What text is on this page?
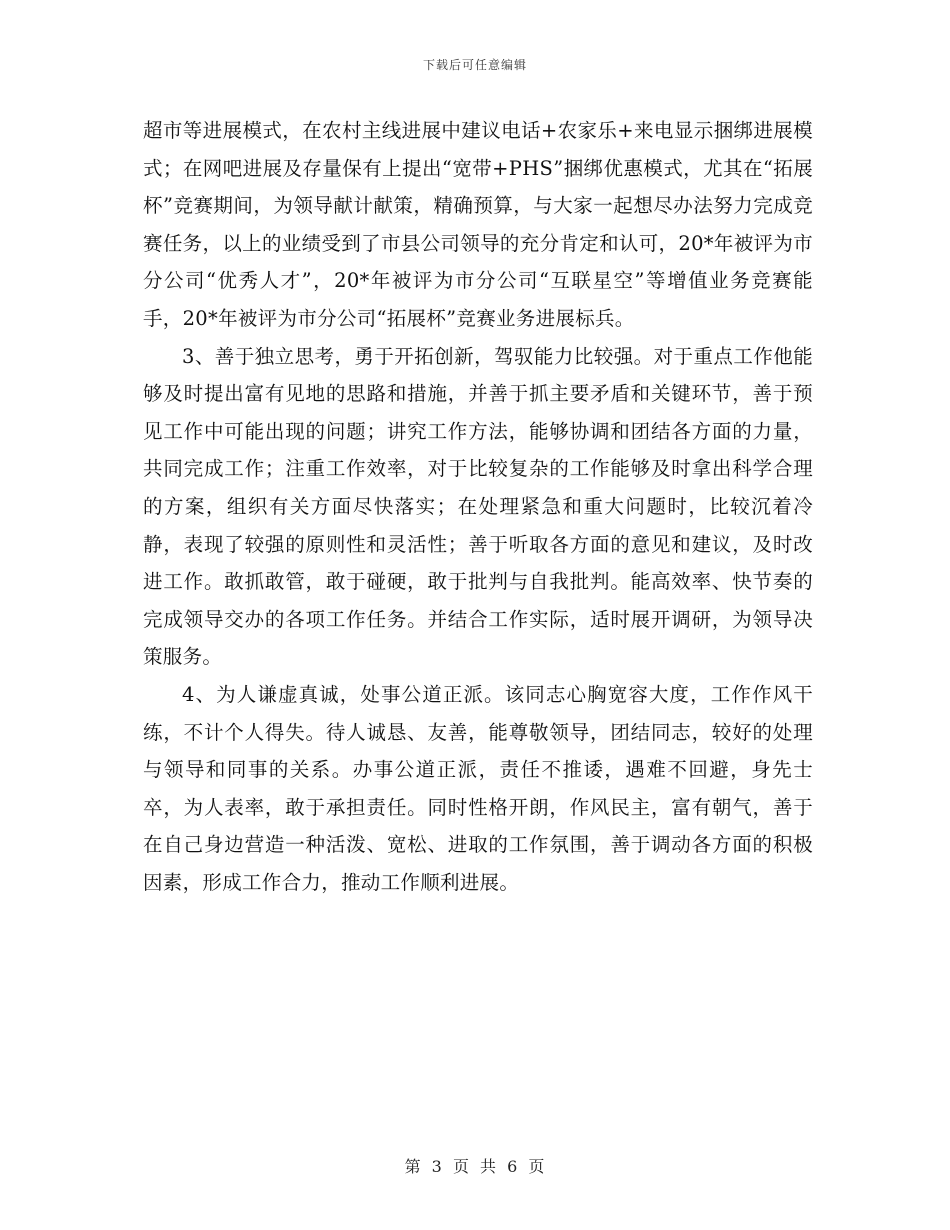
下载后可任意编辑

超市等进展模式，在农村主线进展中建议电话+农家乐+来电显示捆绑进展模式；在网吧进展及存量保有上提出“宽带+PHS”捆绑优惠模式，尤其在“拓展杯”竞赛期间，为领导献计献策，精确预算，与大家一起想尽办法努力完成竞赛任务，以上的业绩受到了市县公司领导的充分肯定和认可，20*年被评为市分公司“优秀人才”，20*年被评为市分公司“互联星空”等增值业务竞赛能手，20*年被评为市分公司“拓展杯”竞赛业务进展标兵。

3、善于独立思考，勇于开拓创新，驾驭能力比较强。对于重点工作他能够及时提出富有见地的思路和措施，并善于抓主要矛盾和关键环节，善于预见工作中可能出现的问题；讲究工作方法，能够协调和团结各方面的力量，共同完成工作；注重工作效率，对于比较复杂的工作能够及时拿出科学合理的方案，组织有关方面尽快落实；在处理紧急和重大问题时，比较沉着冷静，表现了较强的原则性和灵活性；善于听取各方面的意见和建议，及时改进工作。敢抓敢管，敢于碰硬，敢于批判与自我批判。能高效率、快节奏的完成领导交办的各项工作任务。并结合工作实际，适时展开调研，为领导决策服务。

4、为人谦虚真诚，处事公道正派。该同志心胸宽容大度，工作作风干练，不计个人得失。待人诚恳、友善，能尊敬领导，团结同志，较好的处理与领导和同事的关系。办事公道正派，责任不推诿，遇难不回避，身先士卒，为人表率，敢于承担责任。同时性格开朗，作风民主，富有朝气，善于在自己身边营造一种活泼、宽松、进取的工作氛围，善于调动各方面的积极因素，形成工作合力，推动工作顺利进展。

第 3 页 共 6 页
